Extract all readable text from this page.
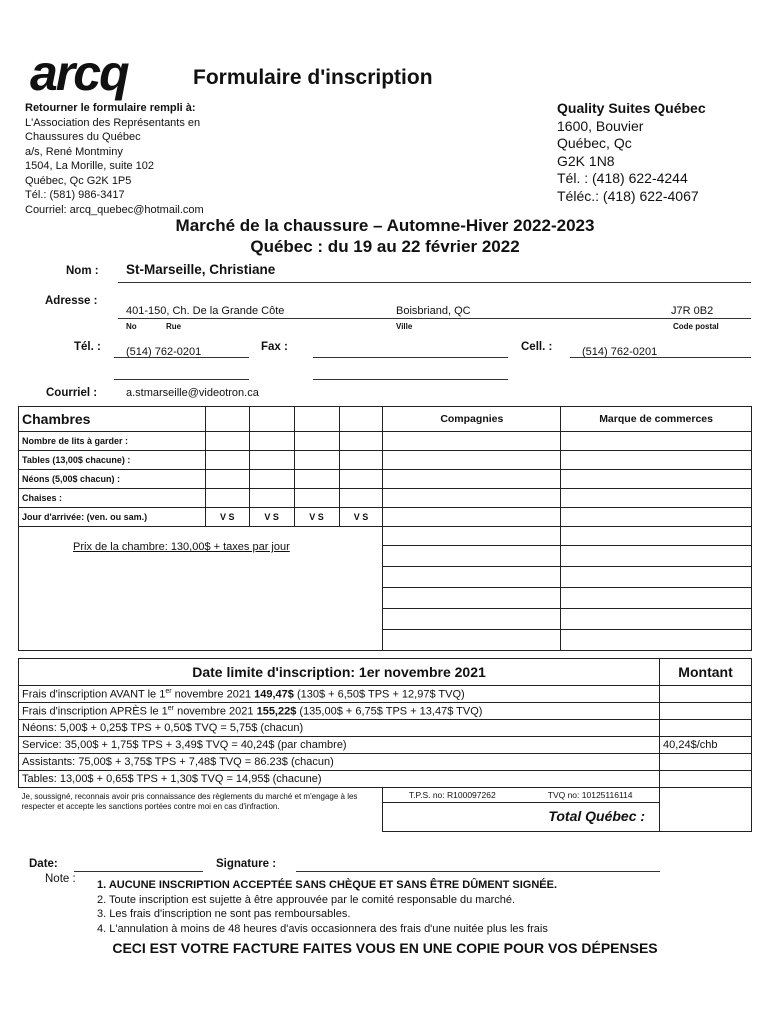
arcq	Formulaire d'inscription
Retourner le formulaire rempli à:
L'Association des Représentants en
Chaussures du Québec
a/s, René Montminy
1504, La Morille, suite 102
Québec, Qc G2K 1P5
Tél.: (581) 986-3417
Courriel: arcq_quebec@hotmail.com
Quality Suites Québec
1600, Bouvier
Québec, Qc
G2K 1N8
Tél. : (418) 622-4244
Téléc.: (418) 622-4067
Marché de la chaussure – Automne-Hiver 2022-2023
Québec : du 19 au 22 février 2022
Nom : St-Marseille, Christiane
Adresse :
401-150, Ch. De la Grande Côte	Boisbriand, QC	J7R 0B2
No	Rue	Ville	Code postal
Tél. : (514) 762-0201	Fax :	Cell. :	(514) 762-0201
Courriel :	a.stmarseille@videotron.ca
Chambres					Compagnies	Marque de commerces
Nombre de lits à garder :						
Tables (13,00$ chacune) :						
Néons (5,00$ chacun) :						
Chaises :						
Jour d'arrivée: (ven. ou sam.)	V S	V S	V S	V S		
Prix de la chambre: 130,00$ + taxes par jour						

Date limite d'inscription: 1er novembre 2021		Montant
Frais d'inscription AVANT le 1er novembre 2021 149,47$ (130$ + 6,50$ TPS + 12,97$ TVQ)		
Frais d'inscription APRÈS le 1er novembre 2021 155,22$ (135,00$ + 6,75$ TPS + 13,47$ TVQ)		
Néons: 5,00$ + 0,25$ TPS + 0,50$ TVQ = 5,75$ (chacun)		
Service: 35,00$ + 1,75$ TPS + 3,49$ TVQ = 40,24$ (par chambre)		40,24$/chb
Assistants: 75,00$ + 3,75$ TPS + 7,48$ TVQ = 86.23$ (chacun)		
Tables: 13,00$ + 0,65$ TPS + 1,30$ TVQ = 14,95$ (chacune)		
Je, soussigné, reconnais avoir pris connaissance des règlements du marché et m'engage à les respecter et accepte les sanctions portées contre moi en cas d'infraction.	T.P.S. no: R100097262 TVQ no: 10125116114
Total Québec :	

Date:	Signature :
Note : 1. AUCUNE INSCRIPTION ACCEPTÉE SANS CHÈQUE ET SANS ÊTRE DÛMENT SIGNÉE.
2. Toute inscription est sujette à être approuvée par le comité responsable du marché.
3. Les frais d'inscription ne sont pas remboursables.
4. L'annulation à moins de 48 heures d'avis occasionnera des frais d'une nuitée plus les frais
CECI EST VOTRE FACTURE FAITES VOUS EN UNE COPIE POUR VOS DÉPENSES
